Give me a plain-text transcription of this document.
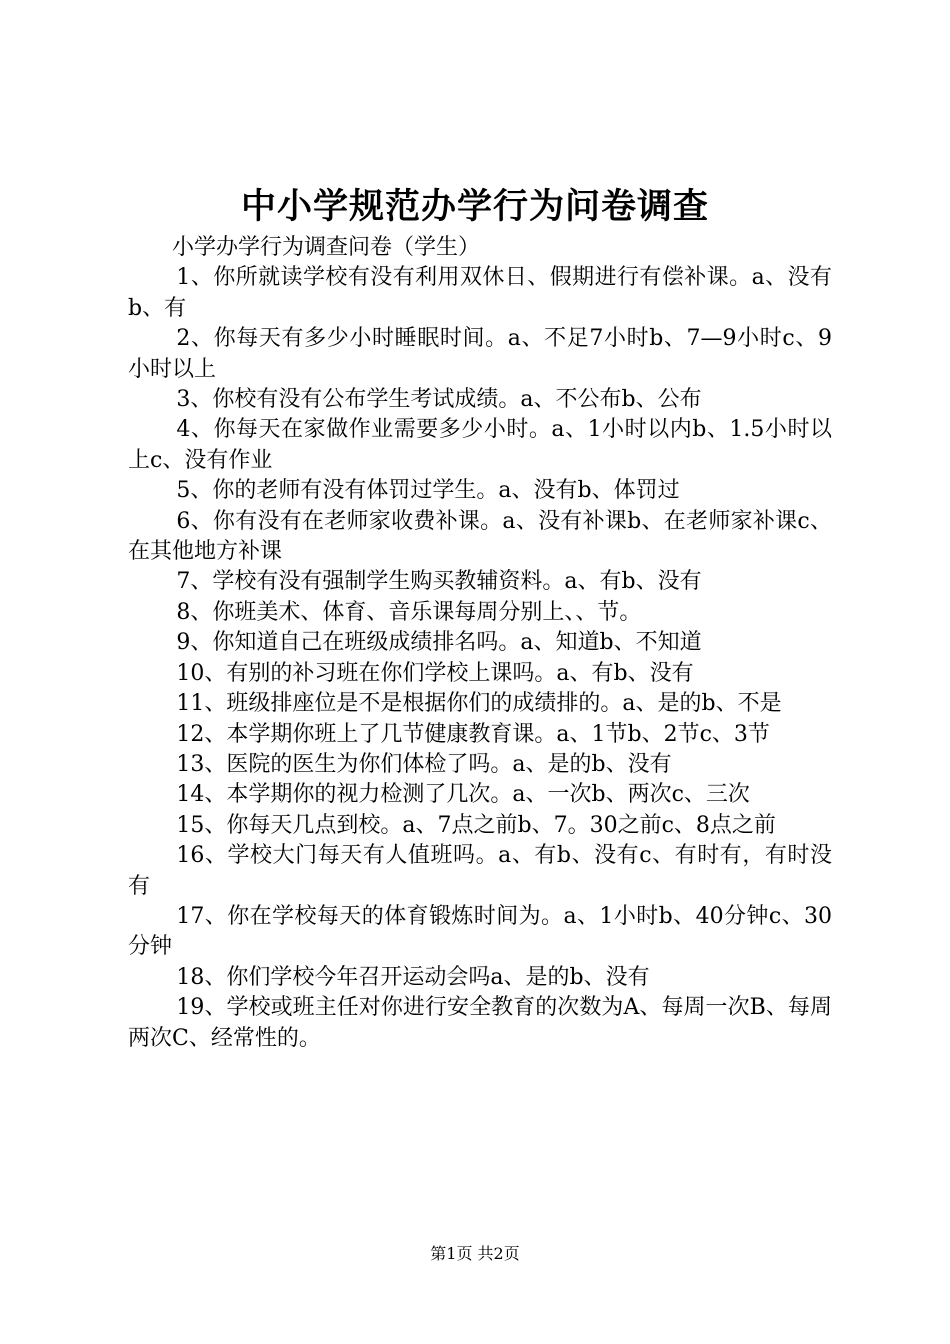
中小学规范办学行为问卷调查

小学办学行为调查问卷（学生）

1、你所就读学校有没有利用双休日、假期进行有偿补课。a、没有b、有

2、你每天有多少小时睡眠时间。a、不足7小时b、7—9小时c、9小时以上

3、你校有没有公布学生考试成绩。a、不公布b、公布

4、你每天在家做作业需要多少小时。a、1小时以内b、1.5小时以上c、没有作业

5、你的老师有没有体罚过学生。a、没有b、体罚过

6、你有没有在老师家收费补课。a、没有补课b、在老师家补课c、在其他地方补课

7、学校有没有强制学生购买教辅资料。a、有b、没有

8、你班美术、体育、音乐课每周分别上、、节。

9、你知道自己在班级成绩排名吗。a、知道b、不知道

10、有别的补习班在你们学校上课吗。a、有b、没有

11、班级排座位是不是根据你们的成绩排的。a、是的b、不是

12、本学期你班上了几节健康教育课。a、1节b、2节c、3节

13、医院的医生为你们体检了吗。a、是的b、没有

14、本学期你的视力检测了几次。a、一次b、两次c、三次

15、你每天几点到校。a、7点之前b、7。30之前c、8点之前

16、学校大门每天有人值班吗。a、有b、没有c、有时有，有时没有

17、你在学校每天的体育锻炼时间为。a、1小时b、40分钟c、30分钟

18、你们学校今年召开运动会吗a、是的b、没有

19、学校或班主任对你进行安全教育的次数为A、每周一次B、每周两次C、经常性的。

第1页 共2页
